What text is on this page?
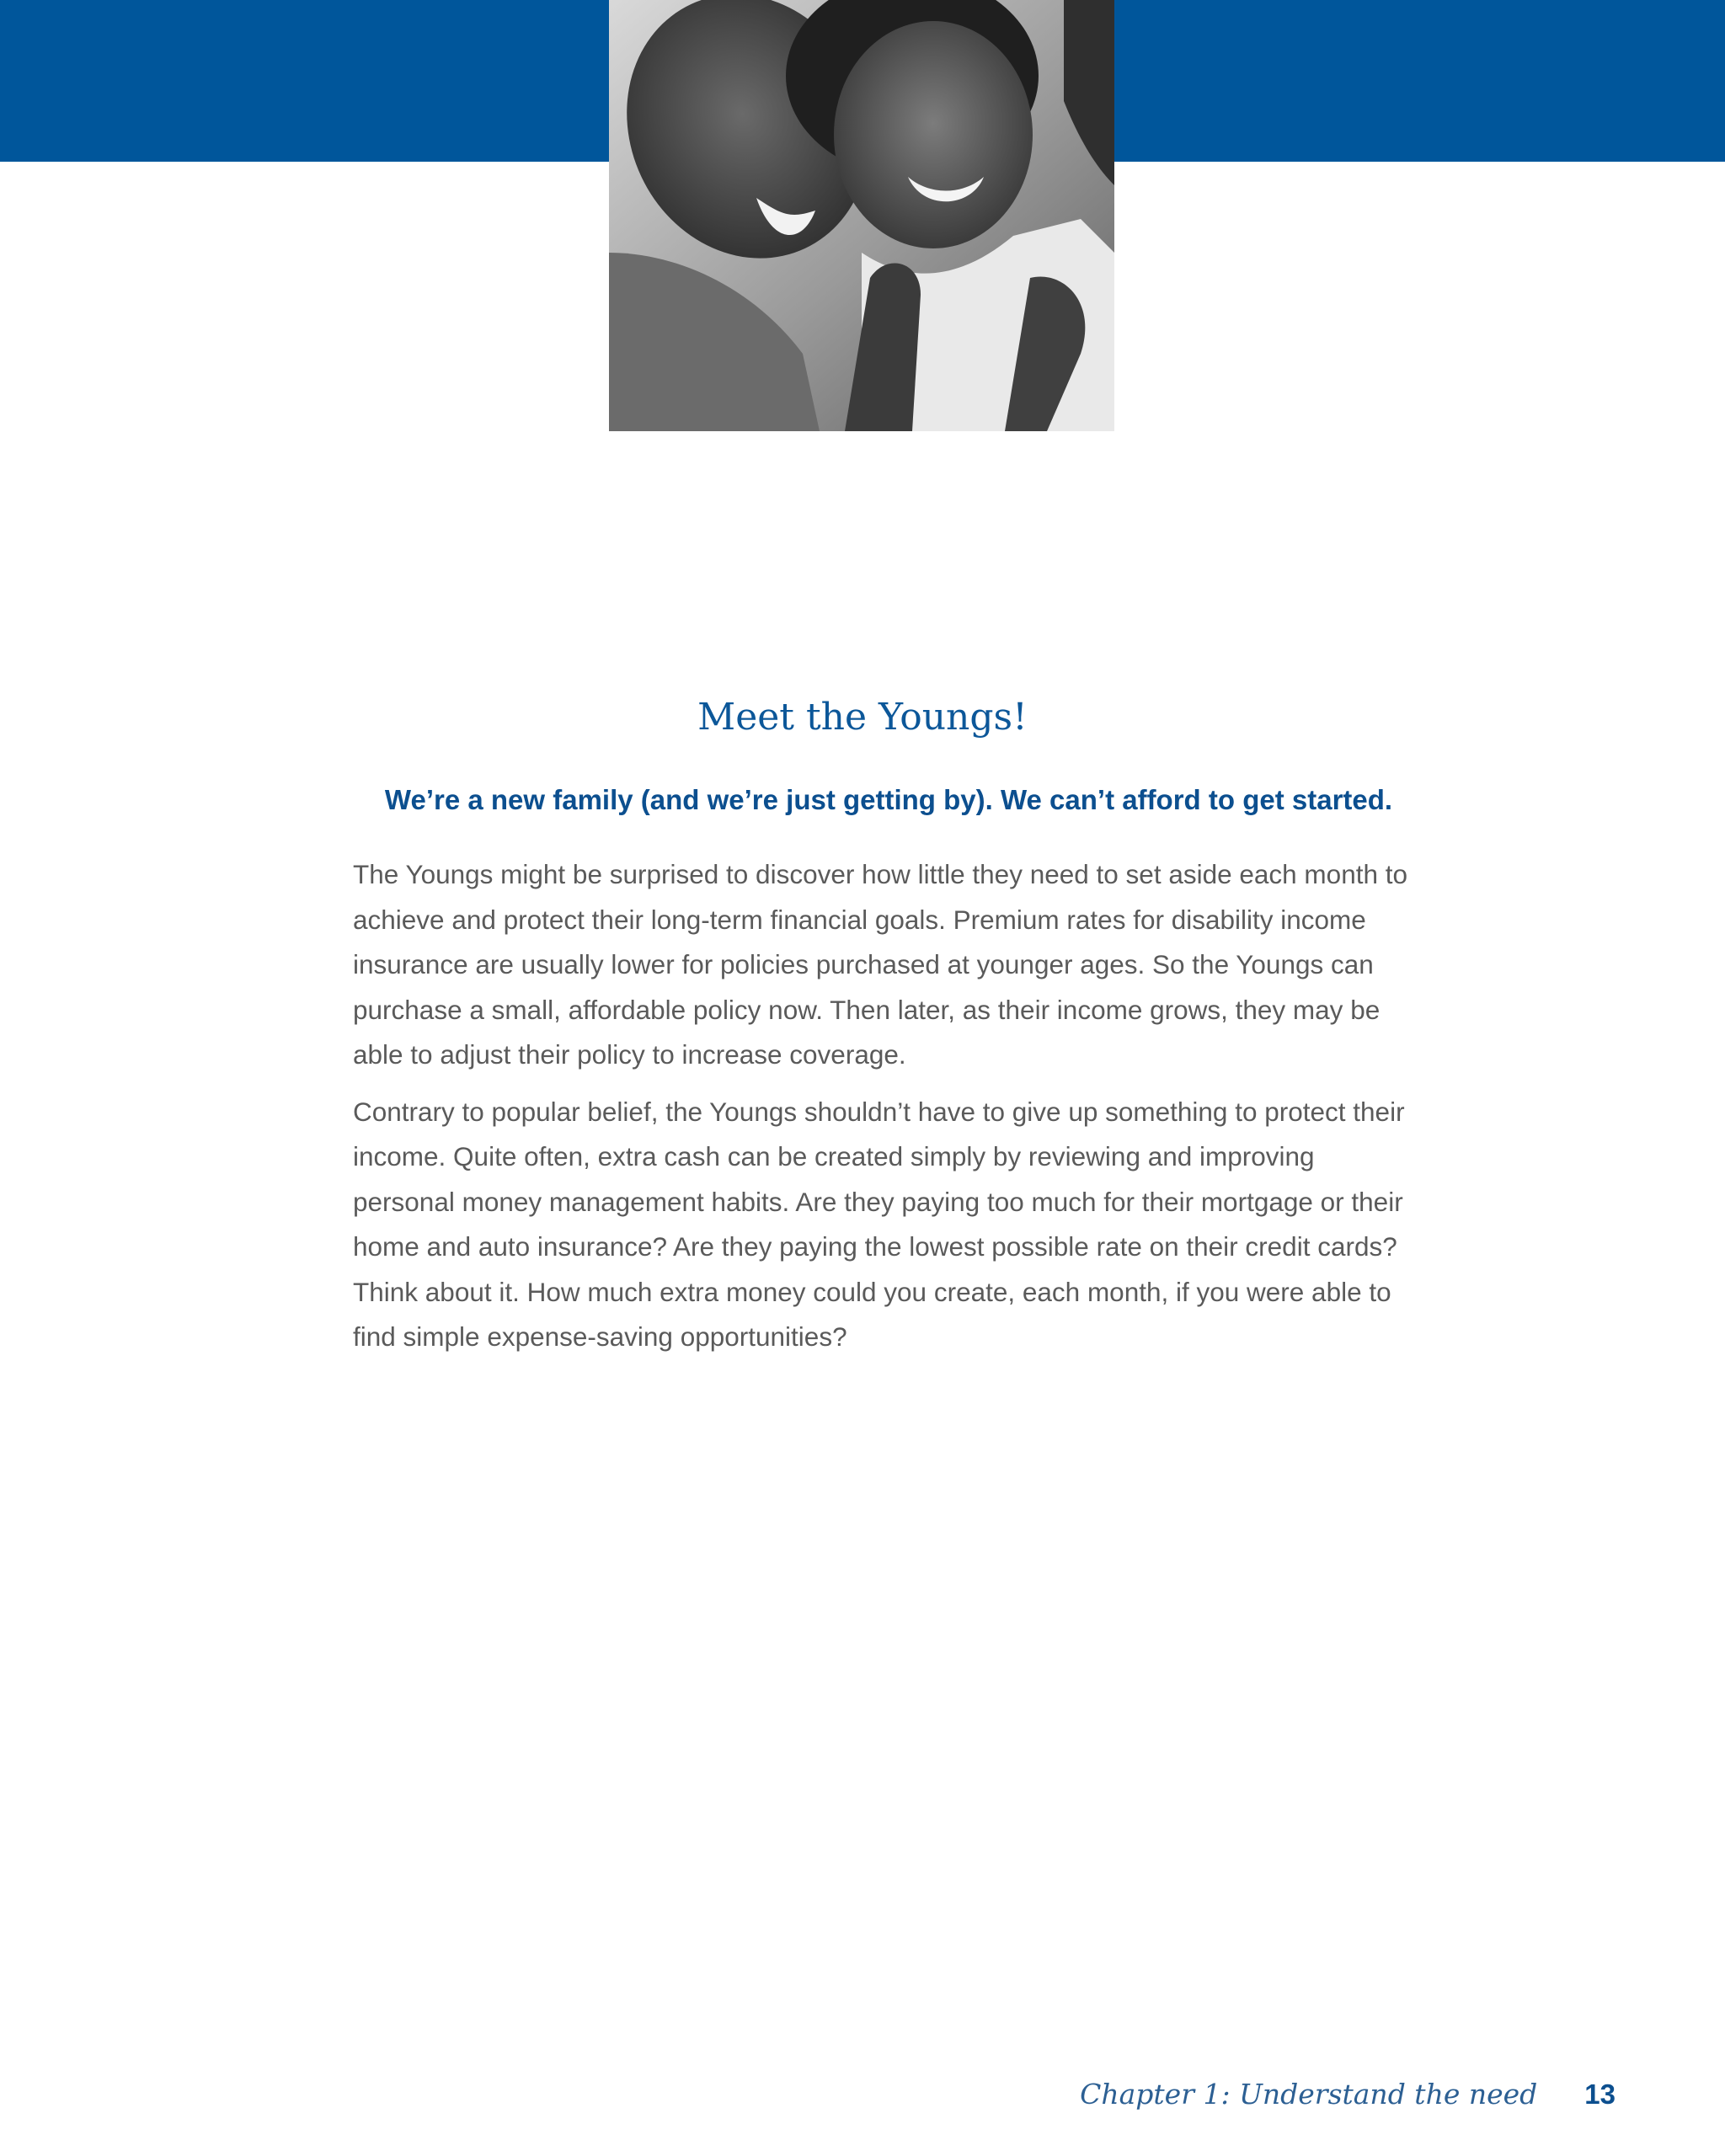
Meet the Youngs!
We’re a new family (and we’re just getting by). We can’t afford to get started.

The Youngs might be surprised to discover how little they need to set aside each month to achieve and protect their long-term financial goals. Premium rates for disability income insurance are usually lower for policies purchased at younger ages. So the Youngs can purchase a small, affordable policy now. Then later, as their income grows, they may be able to adjust their policy to increase coverage.

Contrary to popular belief, the Youngs shouldn’t have to give up something to protect their income. Quite often, extra cash can be created simply by reviewing and improving personal money management habits. Are they paying too much for their mortgage or their home and auto insurance? Are they paying the lowest possible rate on their credit cards? Think about it. How much extra money could you create, each month, if you were able to find simple expense-saving opportunities?

Chapter 1: Understand the need 13
